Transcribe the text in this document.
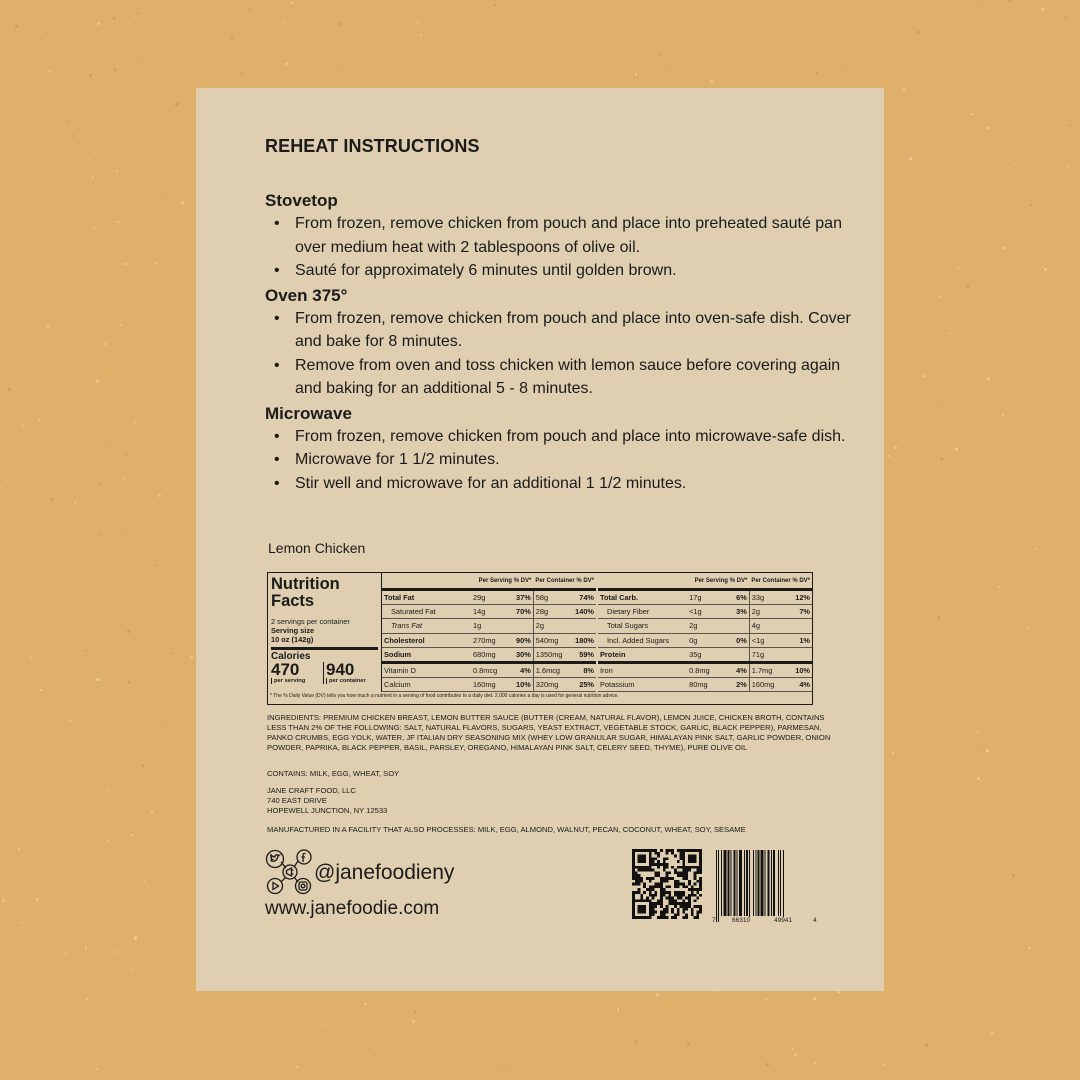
REHEAT INSTRUCTIONS
Stovetop
• From frozen, remove chicken from pouch and place into preheated sauté pan over medium heat with 2 tablespoons of olive oil.
• Sauté for approximately 6 minutes until golden brown.
Oven 375°
• From frozen, remove chicken from pouch and place into oven-safe dish. Cover and bake for 8 minutes.
• Remove from oven and toss chicken with lemon sauce before covering again and baking for an additional 5 - 8 minutes.
Microwave
• From frozen, remove chicken from pouch and place into microwave-safe dish.
• Microwave for 1 1/2 minutes.
• Stir well and microwave for an additional 1 1/2 minutes.
Lemon Chicken
Nutrition Facts
2 servings per container
Serving size
10 oz (142g)
Calories
470
per serving
940
per container
	Per Serving % DV*		Per Container % DV*	
Total Fat	29g	37%	58g	74%
Saturated Fat	14g	70%	28g	140%
Trans Fat	1g		2g	
Cholesterol	270mg	90%	540mg	180%
Sodium	680mg	30%	1350mg	59%
Vitamin D	0.8mcg	4%	1.6mcg	8%
Calcium	160mg	10%	320mg	25%
	Per Serving % DV*		Per Container % DV*	
Total Carb.	17g	6%	33g	12%
Dietary Fiber	<1g	3%	2g	7%
Total Sugars	2g		4g	
Incl. Added Sugars	0g	0%	<1g	1%
Protein	35g		71g	
Iron	0.8mg	4%	1.7mg	10%
Potassium	80mg	2%	160mg	4%
* The % Daily Value (DV) tells you how much a nutrient in a serving of food contributes to a daily diet. 2,000 calories a day is used for general nutrition advice.
INGREDIENTS: PREMIUM CHICKEN BREAST, LEMON BUTTER SAUCE (BUTTER (CREAM, NATURAL FLAVOR), LEMON JUICE, CHICKEN BROTH, CONTAINS LESS THAN 2% OF THE FOLLOWING: SALT, NATURAL FLAVORS, SUGARS, YEAST EXTRACT, VEGETABLE STOCK, GARLIC, BLACK PEPPER), PARMESAN, PANKO CRUMBS, EGG YOLK, WATER, JF ITALIAN DRY SEASONING MIX (WHEY LOW GRANULAR SUGAR, HIMALAYAN PINK SALT, GARLIC POWDER, ONION POWDER, PAPRIKA, BLACK PEPPER, BASIL, PARSLEY, OREGANO, HIMALAYAN PINK SALT, CELERY SEED, THYME), PURE OLIVE OIL
CONTAINS: MILK, EGG, WHEAT, SOY
JANE CRAFT FOOD, LLC
740 EAST DRIVE
HOPEWELL JUNCTION, NY 12533
MANUFACTURED IN A FACILITY THAT ALSO PROCESSES: MILK, EGG, ALMOND, WALNUT, PECAN, COCONUT, WHEAT, SOY, SESAME
@janefoodieny
www.janefoodie.com
7	66310	49941	4
